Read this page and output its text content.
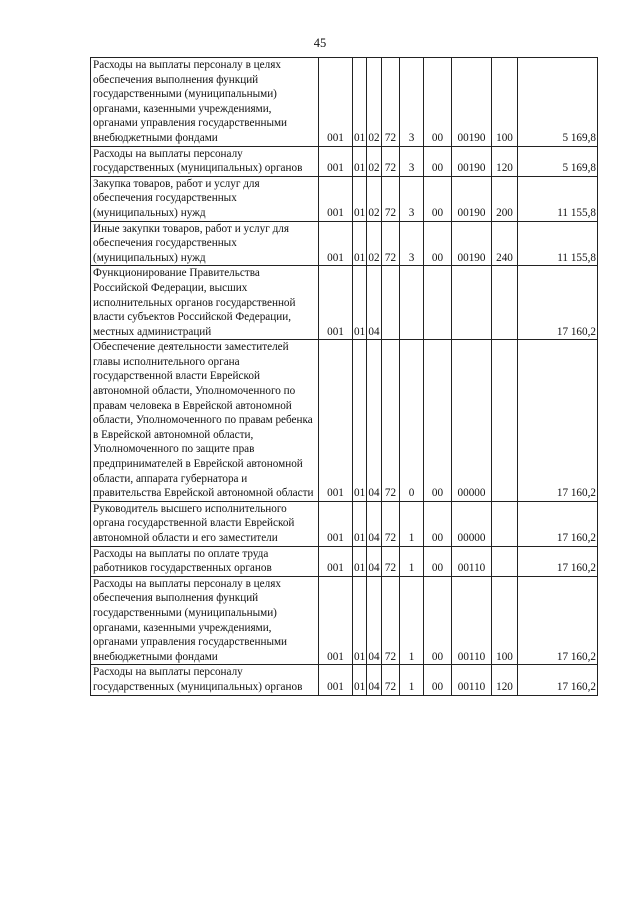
45
Расходы на выплаты персоналу в целях обеспечения выполнения функций государственными (муниципальными) органами, казенными учреждениями, органами управления государственными внебюджетными фондами	001	01	02	72	3	00	00190	100	5 169,8
Расходы на выплаты персоналу государственных (муниципальных) органов	001	01	02	72	3	00	00190	120	5 169,8
Закупка товаров, работ и услуг для обеспечения государственных (муниципальных) нужд	001	01	02	72	3	00	00190	200	11 155,8
Иные закупки товаров, работ и услуг для обеспечения государственных (муниципальных) нужд	001	01	02	72	3	00	00190	240	11 155,8
Функционирование Правительства Российской Федерации, высших исполнительных органов государственной власти субъектов Российской Федерации, местных администраций	001	01	04						17 160,2
Обеспечение деятельности заместителей главы исполнительного органа государственной власти Еврейской автономной области, Уполномоченного по правам человека в Еврейской автономной области, Уполномоченного по правам ребенка в Еврейской автономной области, Уполномоченного по защите прав предпринимателей в Еврейской автономной области, аппарата губернатора и правительства Еврейской автономной области	001	01	04	72	0	00	00000		17 160,2
Руководитель высшего исполнительного органа государственной власти Еврейской автономной области и его заместители	001	01	04	72	1	00	00000		17 160,2
Расходы на выплаты по оплате труда работников государственных органов	001	01	04	72	1	00	00110		17 160,2
Расходы на выплаты персоналу в целях обеспечения выполнения функций государственными (муниципальными) органами, казенными учреждениями, органами управления государственными внебюджетными фондами	001	01	04	72	1	00	00110	100	17 160,2
Расходы на выплаты персоналу государственных (муниципальных) органов	001	01	04	72	1	00	00110	120	17 160,2
